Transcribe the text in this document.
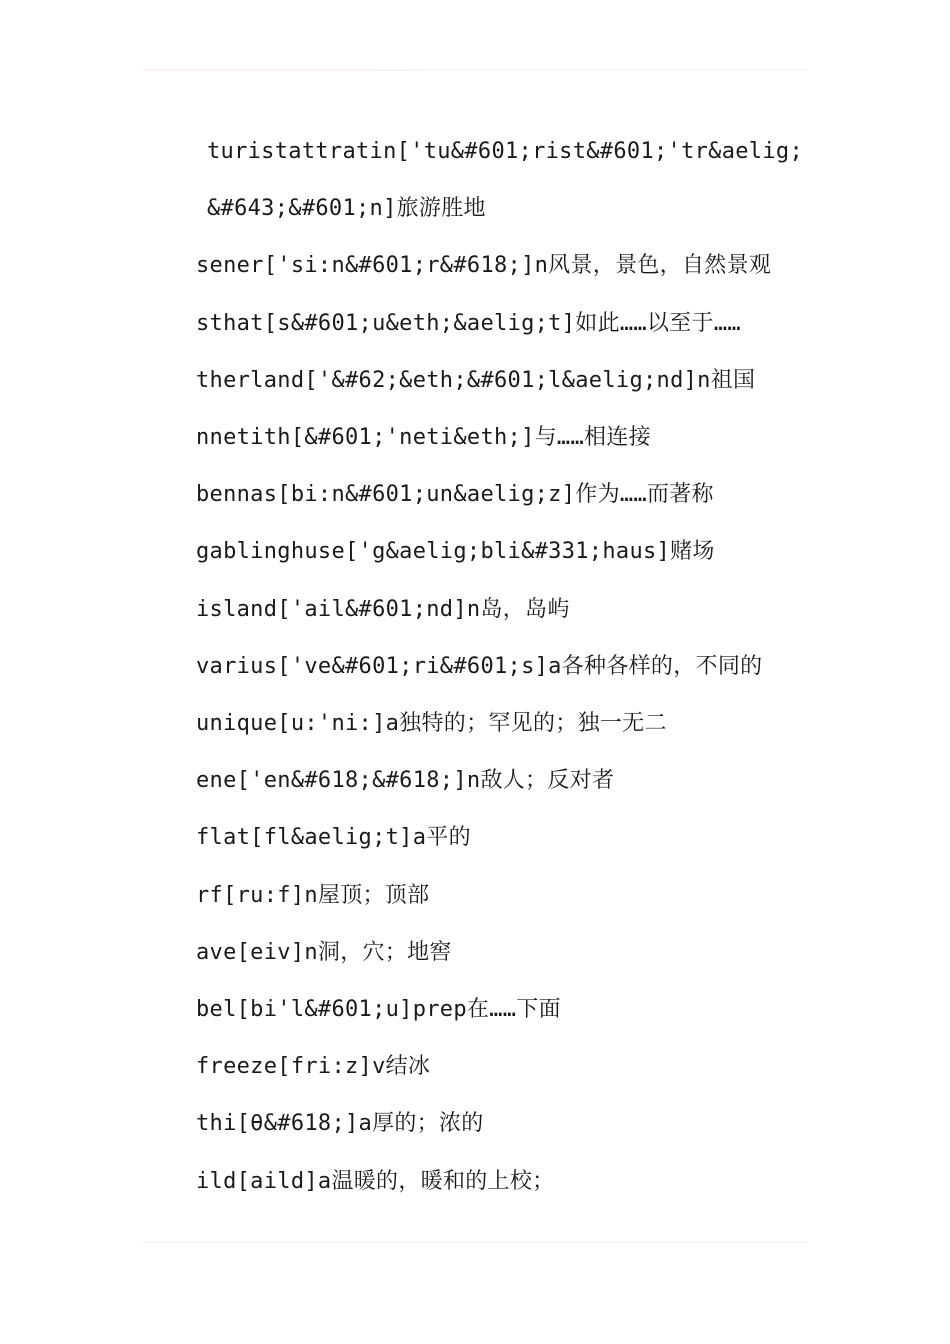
turistattratin['tu&#601;rist&#601;'tr&aelig;&#643;&#601;n]旅游胜地

sener['si:n&#601;r&#618;]n风景，景色，自然景观

sthat[s&#601;u&eth;&aelig;t]如此……以至于……

therland['&#62;&eth;&#601;l&aelig;nd]n祖国

nnetith[&#601;'neti&eth;]与……相连接

bennas[bi:n&#601;un&aelig;z]作为……而著称

gablinghuse['g&aelig;bli&#331;haus]赌场

island['ail&#601;nd]n岛，岛屿

varius['ve&#601;ri&#601;s]a各种各样的，不同的

unique[u:'ni:]a独特的；罕见的；独一无二

ene['en&#618;&#618;]n敌人；反对者

flat[fl&aelig;t]a平的

rf[ru:f]n屋顶；顶部

ave[eiv]n洞，穴；地窖

bel[bi'l&#601;u]prep在……下面

freeze[fri:z]v结冰

thi[θ&#618;]a厚的；浓的

ild[aild]a温暖的，暖和的上校；
